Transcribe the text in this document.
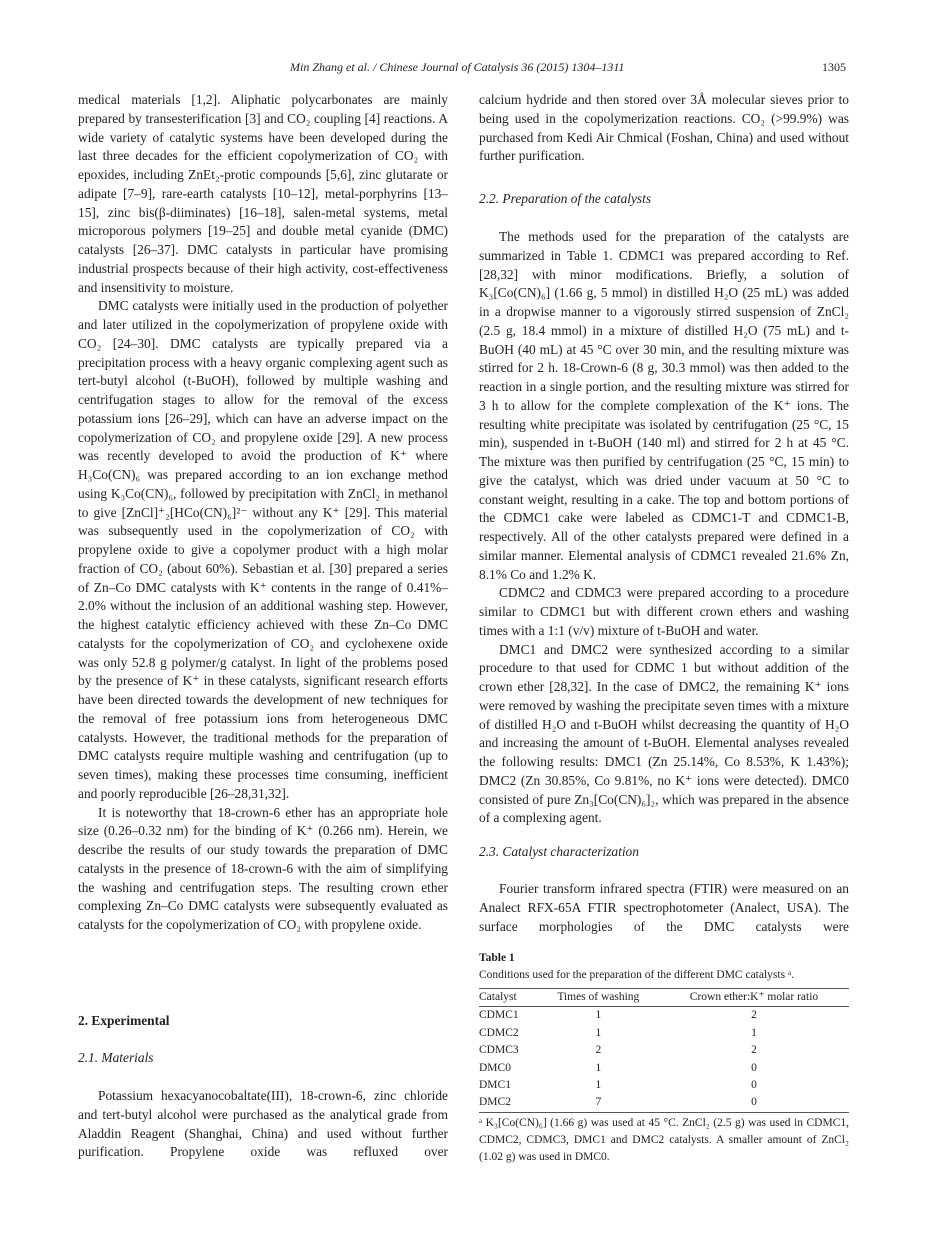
Min Zhang et al. / Chinese Journal of Catalysis 36 (2015) 1304–1311	1305

medical materials [1,2]. Aliphatic polycarbonates are mainly prepared by transesterification [3] and CO₂ coupling [4] reactions. A wide variety of catalytic systems have been developed during the last three decades for the efficient copolymerization of CO₂ with epoxides, including ZnEt₂-protic compounds [5,6], zinc glutarate or adipate [7–9], rare-earth catalysts [10–12], metal-porphyrins [13–15], zinc bis(β-diiminates) [16–18], salen-metal systems, metal microporous polymers [19–25] and double metal cyanide (DMC) catalysts [26–37]. DMC catalysts in particular have promising industrial prospects because of their high activity, cost-effectiveness and insensitivity to moisture.

DMC catalysts were initially used in the production of polyether and later utilized in the copolymerization of propylene oxide with CO₂ [24–30]. DMC catalysts are typically prepared via a precipitation process with a heavy organic complexing agent such as tert-butyl alcohol (t-BuOH), followed by multiple washing and centrifugation stages to allow for the removal of the excess potassium ions [26–29], which can have an adverse impact on the copolymerization of CO₂ and propylene oxide [29]. A new process was recently developed to avoid the production of K⁺ where H₃Co(CN)₆ was prepared according to an ion exchange method using K₃Co(CN)₆, followed by precipitation with ZnCl₂ in methanol to give [ZnCl]⁺₂[HCo(CN)₆]²⁻ without any K⁺ [29]. This material was subsequently used in the copolymerization of CO₂ with propylene oxide to give a copolymer product with a high molar fraction of CO₂ (about 60%). Sebastian et al. [30] prepared a series of Zn–Co DMC catalysts with K⁺ contents in the range of 0.41%–2.0% without the inclusion of an additional washing step. However, the highest catalytic efficiency achieved with these Zn–Co DMC catalysts for the copolymerization of CO₂ and cyclohexene oxide was only 52.8 g polymer/g catalyst. In light of the problems posed by the presence of K⁺ in these catalysts, significant research efforts have been directed towards the development of new techniques for the removal of free potassium ions from heterogeneous DMC catalysts. However, the traditional methods for the preparation of DMC catalysts require multiple washing and centrifugation (up to seven times), making these processes time consuming, inefficient and poorly reproducible [26–28,31,32].

It is noteworthy that 18-crown-6 ether has an appropriate hole size (0.26–0.32 nm) for the binding of K⁺ (0.266 nm). Herein, we describe the results of our study towards the preparation of DMC catalysts in the presence of 18-crown-6 with the aim of simplifying the washing and centrifugation steps. The resulting crown ether complexing Zn–Co DMC catalysts were subsequently evaluated as catalysts for the copolymerization of CO₂ with propylene oxide.

2. Experimental

2.1. Materials

Potassium hexacyanocobaltate(III), 18-crown-6, zinc chloride and tert-butyl alcohol were purchased as the analytical grade from Aladdin Reagent (Shanghai, China) and used without further purification. Propylene oxide was refluxed over

calcium hydride and then stored over 3Å molecular sieves prior to being used in the copolymerization reactions. CO₂ (>99.9%) was purchased from Kedi Air Chmical (Foshan, China) and used without further purification.

2.2. Preparation of the catalysts

The methods used for the preparation of the catalysts are summarized in Table 1. CDMC1 was prepared according to Ref. [28,32] with minor modifications. Briefly, a solution of K₃[Co(CN)₆] (1.66 g, 5 mmol) in distilled H₂O (25 mL) was added in a dropwise manner to a vigorously stirred suspension of ZnCl₂ (2.5 g, 18.4 mmol) in a mixture of distilled H₂O (75 mL) and t-BuOH (40 mL) at 45 °C over 30 min, and the resulting mixture was stirred for 2 h. 18-Crown-6 (8 g, 30.3 mmol) was then added to the reaction in a single portion, and the resulting mixture was stirred for 3 h to allow for the complete complexation of the K⁺ ions. The resulting white precipitate was isolated by centrifugation (25 °C, 15 min), suspended in t-BuOH (140 ml) and stirred for 2 h at 45 °C. The mixture was then purified by centrifugation (25 °C, 15 min) to give the catalyst, which was dried under vacuum at 50 °C to constant weight, resulting in a cake. The top and bottom portions of the CDMC1 cake were labeled as CDMC1-T and CDMC1-B, respectively. All of the other catalysts prepared were defined in a similar manner. Elemental analysis of CDMC1 revealed 21.6% Zn, 8.1% Co and 1.2% K.

CDMC2 and CDMC3 were prepared according to a procedure similar to CDMC1 but with different crown ethers and washing times with a 1:1 (v/v) mixture of t-BuOH and water.

DMC1 and DMC2 were synthesized according to a similar procedure to that used for CDMC 1 but without addition of the crown ether [28,32]. In the case of DMC2, the remaining K⁺ ions were removed by washing the precipitate seven times with a mixture of distilled H₂O and t-BuOH whilst decreasing the quantity of H₂O and increasing the amount of t-BuOH. Elemental analyses revealed the following results: DMC1 (Zn 25.14%, Co 8.53%, K 1.43%); DMC2 (Zn 30.85%, Co 9.81%, no K⁺ ions were detected). DMC0 consisted of pure Zn₃[Co(CN)₆]₂, which was prepared in the absence of a complexing agent.

2.3. Catalyst characterization

Fourier transform infrared spectra (FTIR) were measured on an Analect RFX-65A FTIR spectrophotometer (Analect, USA). The surface morphologies of the DMC catalysts were

Table 1
Conditions used for the preparation of the different DMC catalysts ᵃ.
Catalyst	Times of washing	Crown ether:K⁺ molar ratio
CDMC1	1	2
CDMC2	1	1
CDMC3	2	2
DMC0	1	0
DMC1	1	0
DMC2	7	0
ᵃ K₃[Co(CN)₆] (1.66 g) was used at 45 °C. ZnCl₂ (2.5 g) was used in CDMC1, CDMC2, CDMC3, DMC1 and DMC2 catalysts. A smaller amount of ZnCl₂ (1.02 g) was used in DMC0.
